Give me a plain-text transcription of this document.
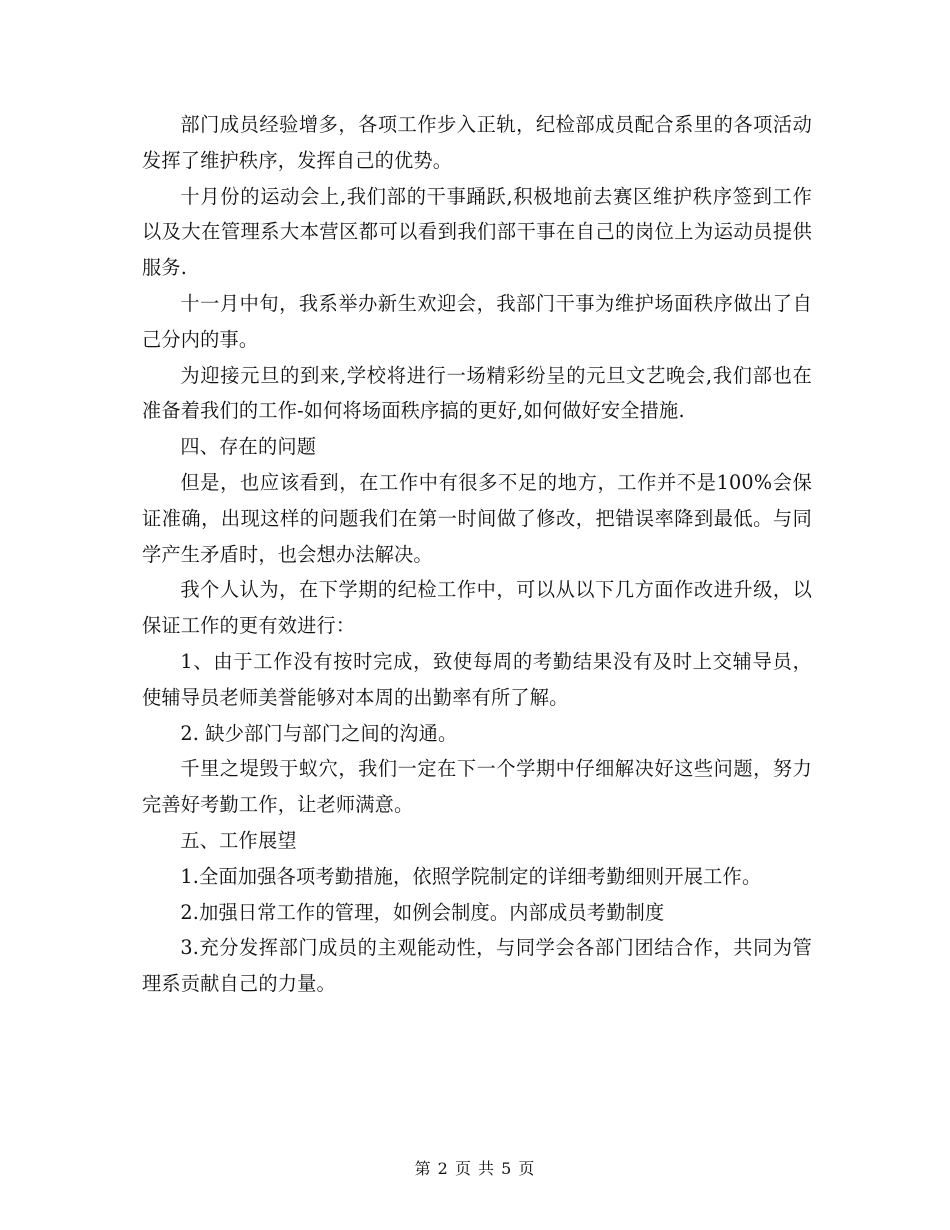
部门成员经验增多，各项工作步入正轨，纪检部成员配合系里的各项活动发挥了维护秩序，发挥自己的优势。

十月份的运动会上,我们部的干事踊跃,积极地前去赛区维护秩序签到工作以及大在管理系大本营区都可以看到我们部干事在自己的岗位上为运动员提供服务.

十一月中旬，我系举办新生欢迎会，我部门干事为维护场面秩序做出了自己分内的事。

为迎接元旦的到来,学校将进行一场精彩纷呈的元旦文艺晚会,我们部也在准备着我们的工作-如何将场面秩序搞的更好,如何做好安全措施.

四、存在的问题

但是，也应该看到，在工作中有很多不足的地方，工作并不是100%会保证准确，出现这样的问题我们在第一时间做了修改，把错误率降到最低。与同学产生矛盾时，也会想办法解决。

我个人认为，在下学期的纪检工作中，可以从以下几方面作改进升级，以保证工作的更有效进行：

1、由于工作没有按时完成，致使每周的考勤结果没有及时上交辅导员，使辅导员老师美誉能够对本周的出勤率有所了解。

2. 缺少部门与部门之间的沟通。

千里之堤毁于蚁穴，我们一定在下一个学期中仔细解决好这些问题，努力完善好考勤工作，让老师满意。

五、工作展望

1.全面加强各项考勤措施，依照学院制定的详细考勤细则开展工作。

2.加强日常工作的管理，如例会制度。内部成员考勤制度

3.充分发挥部门成员的主观能动性，与同学会各部门团结合作，共同为管理系贡献自己的力量。

第 2 页 共 5 页
